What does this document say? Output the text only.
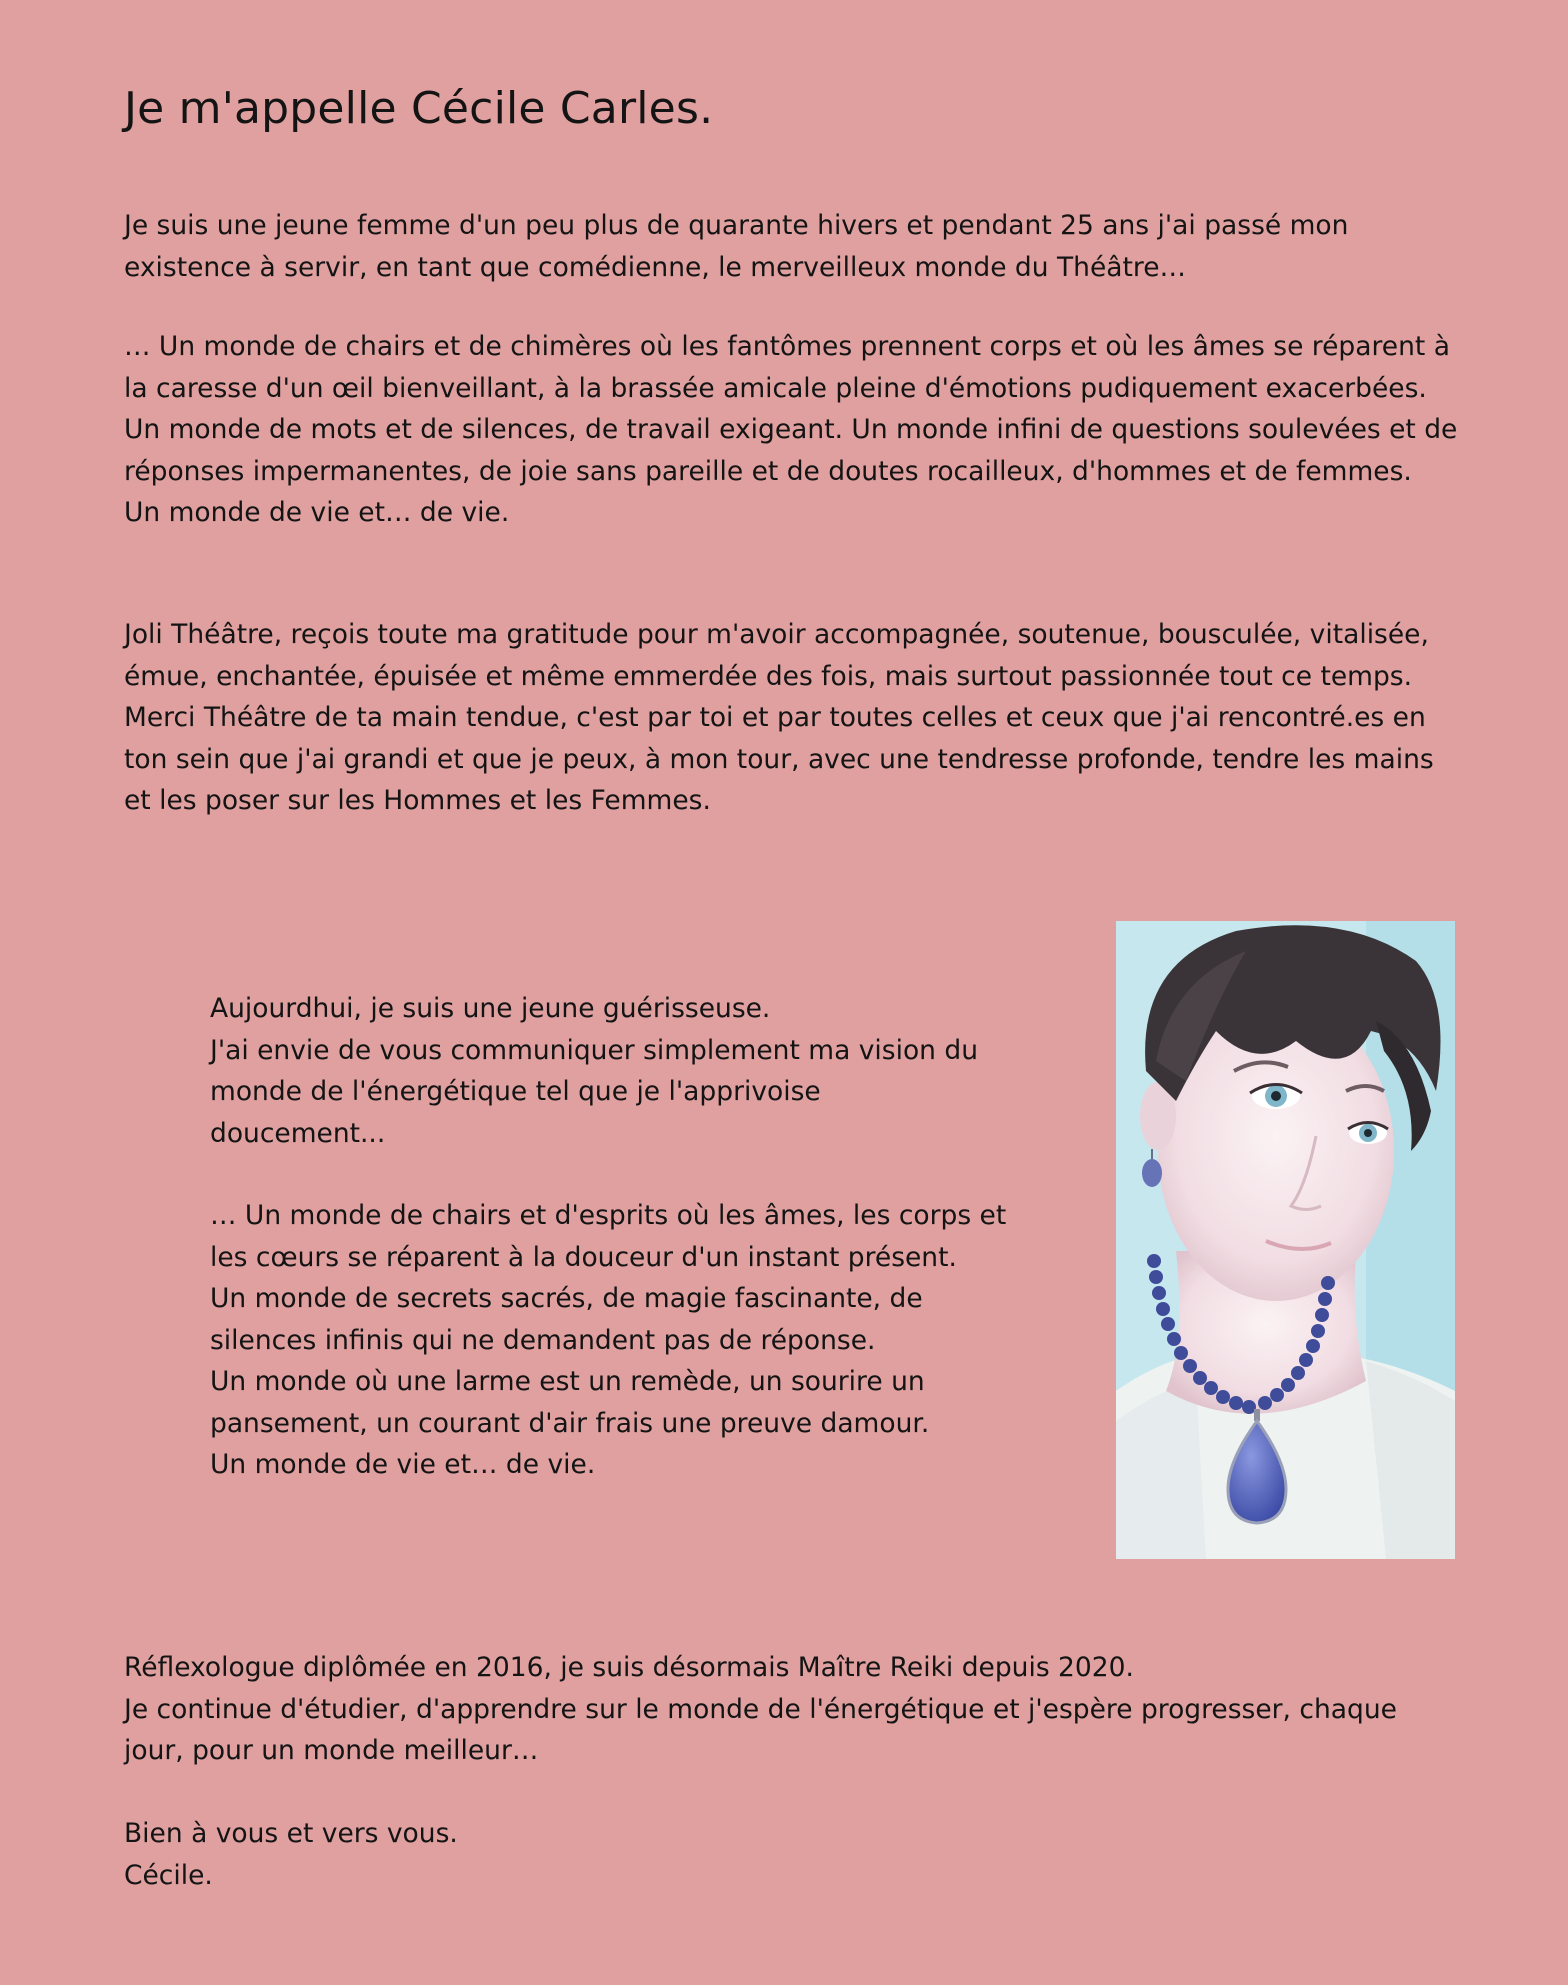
Je m'appelle Cécile Carles.
Je suis une jeune femme d'un peu plus de quarante hivers et pendant 25 ans j'ai passé mon
existence à servir, en tant que comédienne, le merveilleux monde du Théâtre…
… Un monde de chairs et de chimères où les fantômes prennent corps et où les âmes se réparent à
la caresse d'un œil bienveillant, à la brassée amicale pleine d'émotions pudiquement exacerbées.
Un monde de mots et de silences, de travail exigeant. Un monde infini de questions soulevées et de
réponses impermanentes, de joie sans pareille et de doutes rocailleux, d'hommes et de femmes.
Un monde de vie et… de vie.
Joli Théâtre, reçois toute ma gratitude pour m'avoir accompagnée, soutenue, bousculée, vitalisée,
émue, enchantée, épuisée et même emmerdée des fois, mais surtout passionnée tout ce temps.
Merci Théâtre de ta main tendue, c'est par toi et par toutes celles et ceux que j'ai rencontré.es en
ton sein que j'ai grandi et que je peux, à mon tour, avec une tendresse profonde, tendre les mains
et les poser sur les Hommes et les Femmes.
Aujourdhui, je suis une jeune guérisseuse.
J'ai envie de vous communiquer simplement ma vision du
monde de l'énergétique tel que je l'apprivoise
doucement...
… Un monde de chairs et d'esprits où les âmes, les corps et
les cœurs se réparent à la douceur d'un instant présent.
Un monde de secrets sacrés, de magie fascinante, de
silences infinis qui ne demandent pas de réponse.
Un monde où une larme est un remède, un sourire un
pansement, un courant d'air frais une preuve damour.
Un monde de vie et… de vie.
Réflexologue diplômée en 2016, je suis désormais Maître Reiki depuis 2020.
Je continue d'étudier, d'apprendre sur le monde de l'énergétique et j'espère progresser, chaque
jour, pour un monde meilleur…
Bien à vous et vers vous.
Cécile.
